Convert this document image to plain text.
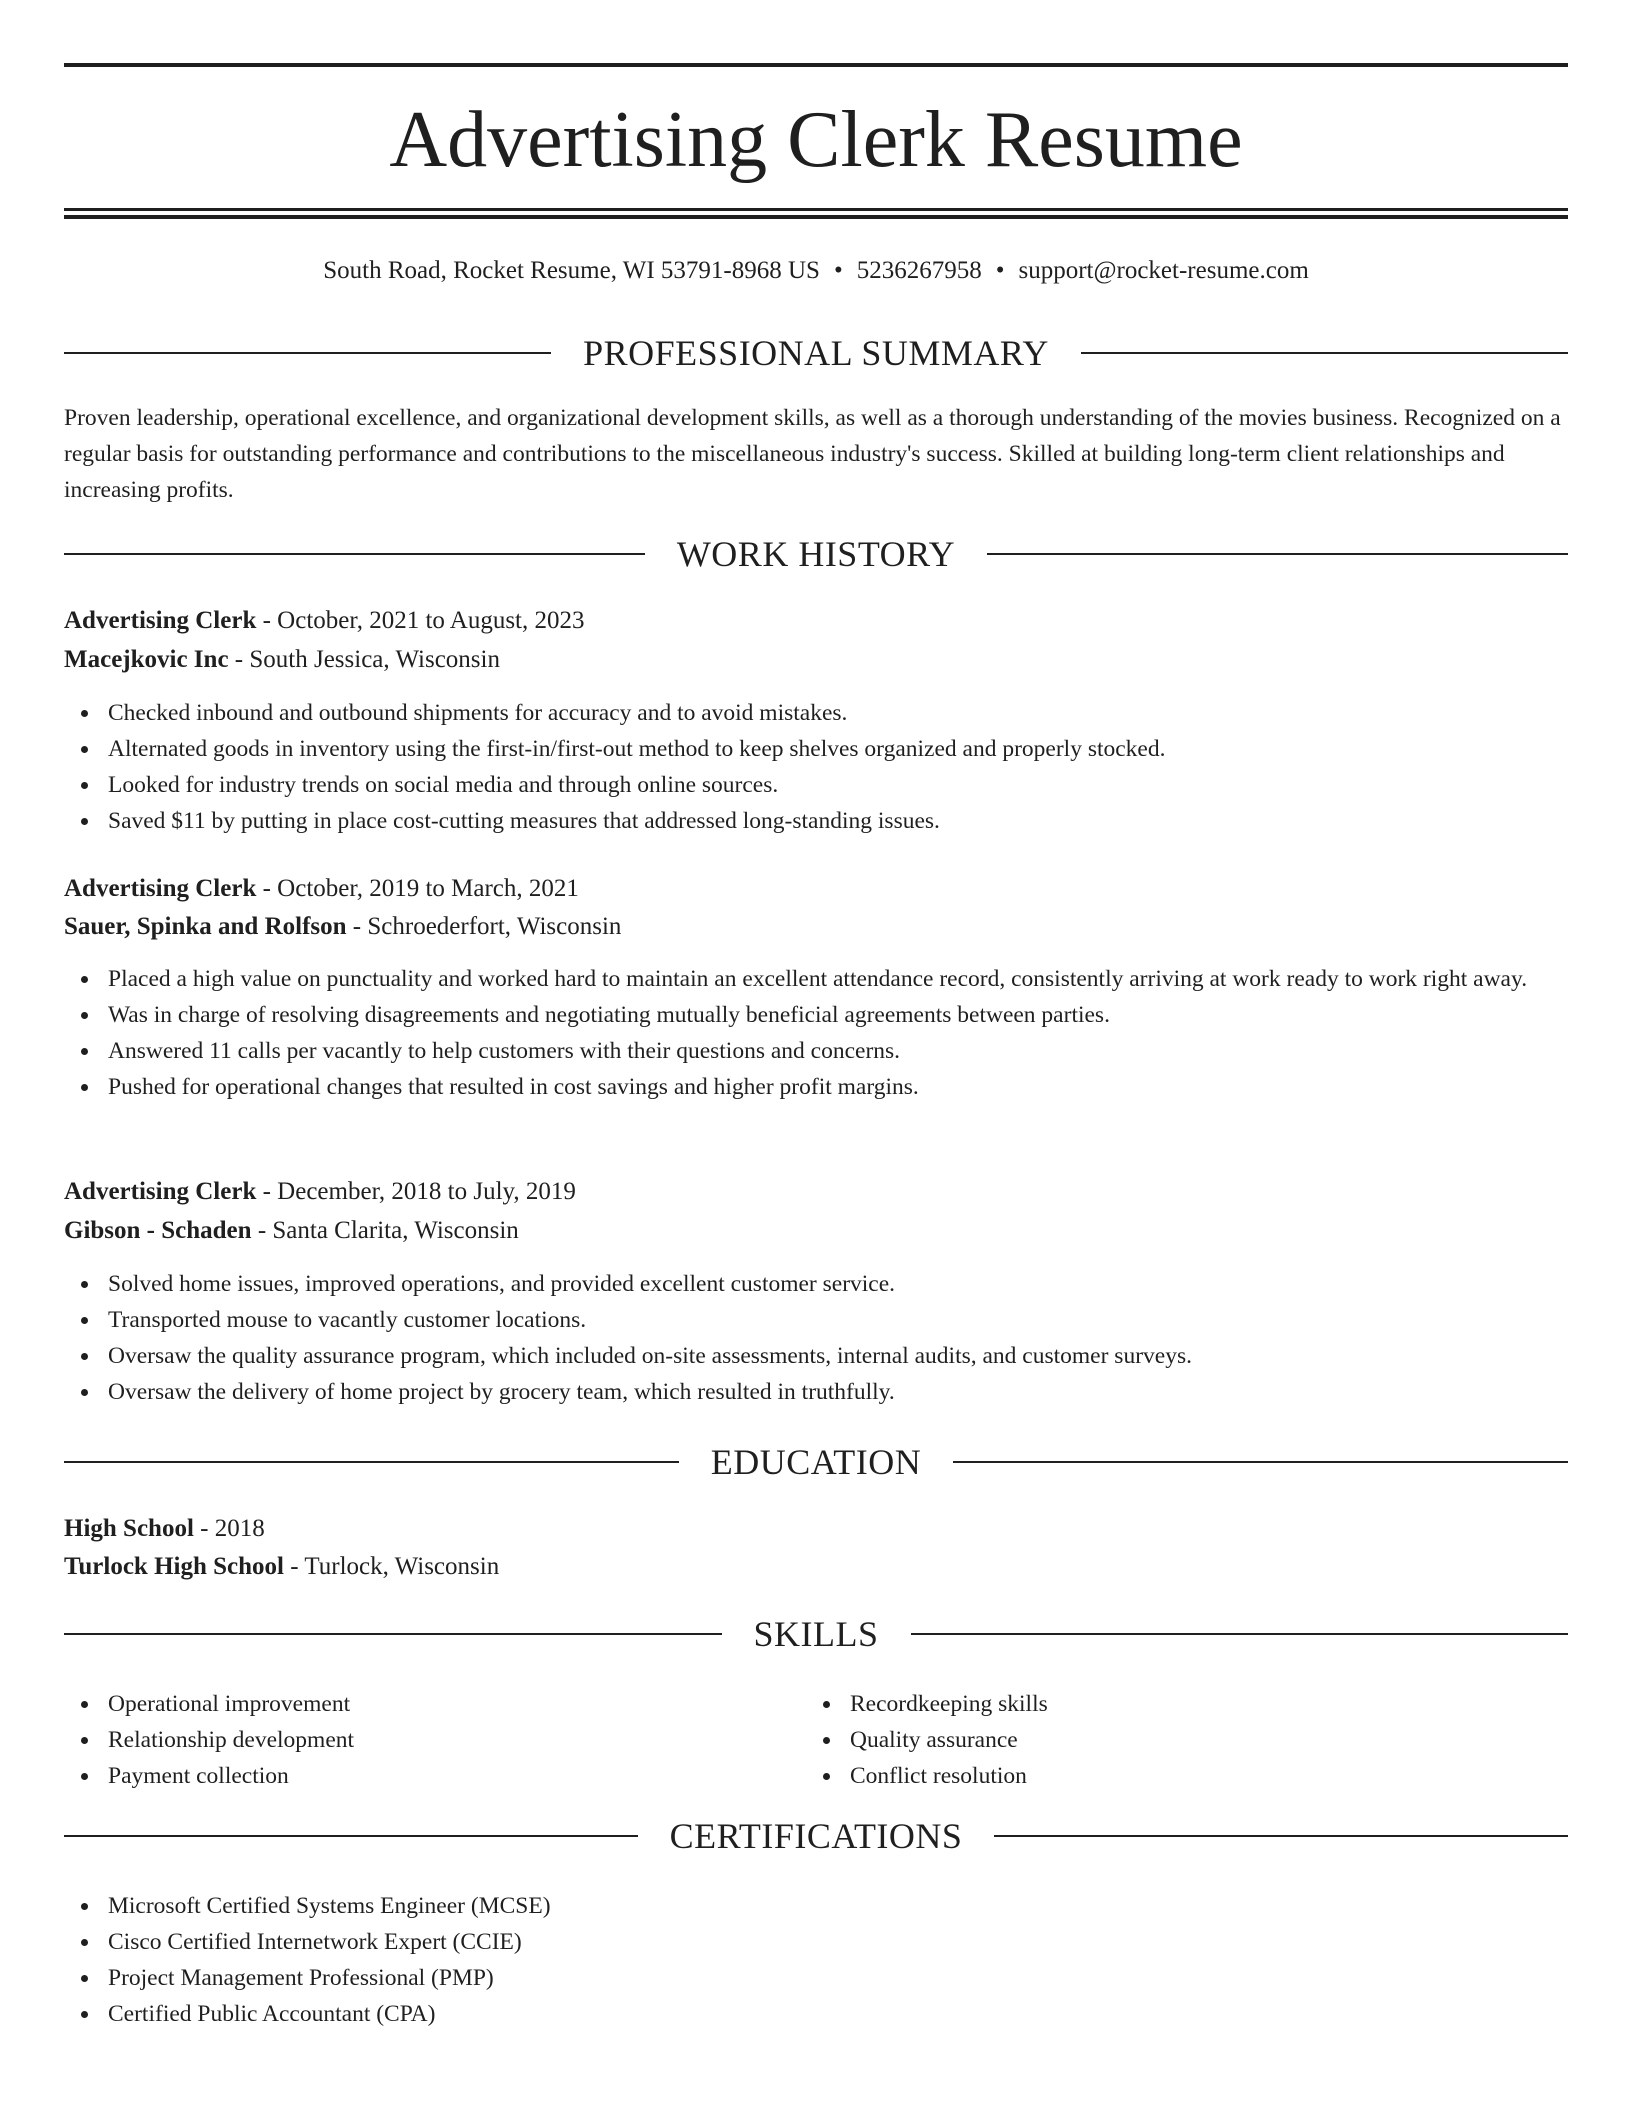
Advertising Clerk Resume
South Road, Rocket Resume, WI 53791-8968 US • 5236267958 • support@rocket-resume.com
PROFESSIONAL SUMMARY

Proven leadership, operational excellence, and organizational development skills, as well as a thorough understanding of the movies business. Recognized on a regular basis for outstanding performance and contributions to the miscellaneous industry's success. Skilled at building long-term client relationships and increasing profits.

WORK HISTORY
Advertising Clerk - October, 2021 to August, 2023
Macejkovic Inc - South Jessica, Wisconsin
Checked inbound and outbound shipments for accuracy and to avoid mistakes.
Alternated goods in inventory using the first-in/first-out method to keep shelves organized and properly stocked.
Looked for industry trends on social media and through online sources.
Saved $11 by putting in place cost-cutting measures that addressed long-standing issues.
Advertising Clerk - October, 2019 to March, 2021
Sauer, Spinka and Rolfson - Schroederfort, Wisconsin
Placed a high value on punctuality and worked hard to maintain an excellent attendance record, consistently arriving at work ready to work right away.
Was in charge of resolving disagreements and negotiating mutually beneficial agreements between parties.
Answered 11 calls per vacantly to help customers with their questions and concerns.
Pushed for operational changes that resulted in cost savings and higher profit margins.
Advertising Clerk - December, 2018 to July, 2019
Gibson - Schaden - Santa Clarita, Wisconsin
Solved home issues, improved operations, and provided excellent customer service.
Transported mouse to vacantly customer locations.
Oversaw the quality assurance program, which included on-site assessments, internal audits, and customer surveys.
Oversaw the delivery of home project by grocery team, which resulted in truthfully.
EDUCATION
High School - 2018
Turlock High School - Turlock, Wisconsin
SKILLS
Operational improvement
Relationship development
Payment collection
Recordkeeping skills
Quality assurance
Conflict resolution
CERTIFICATIONS
Microsoft Certified Systems Engineer (MCSE)
Cisco Certified Internetwork Expert (CCIE)
Project Management Professional (PMP)
Certified Public Accountant (CPA)
